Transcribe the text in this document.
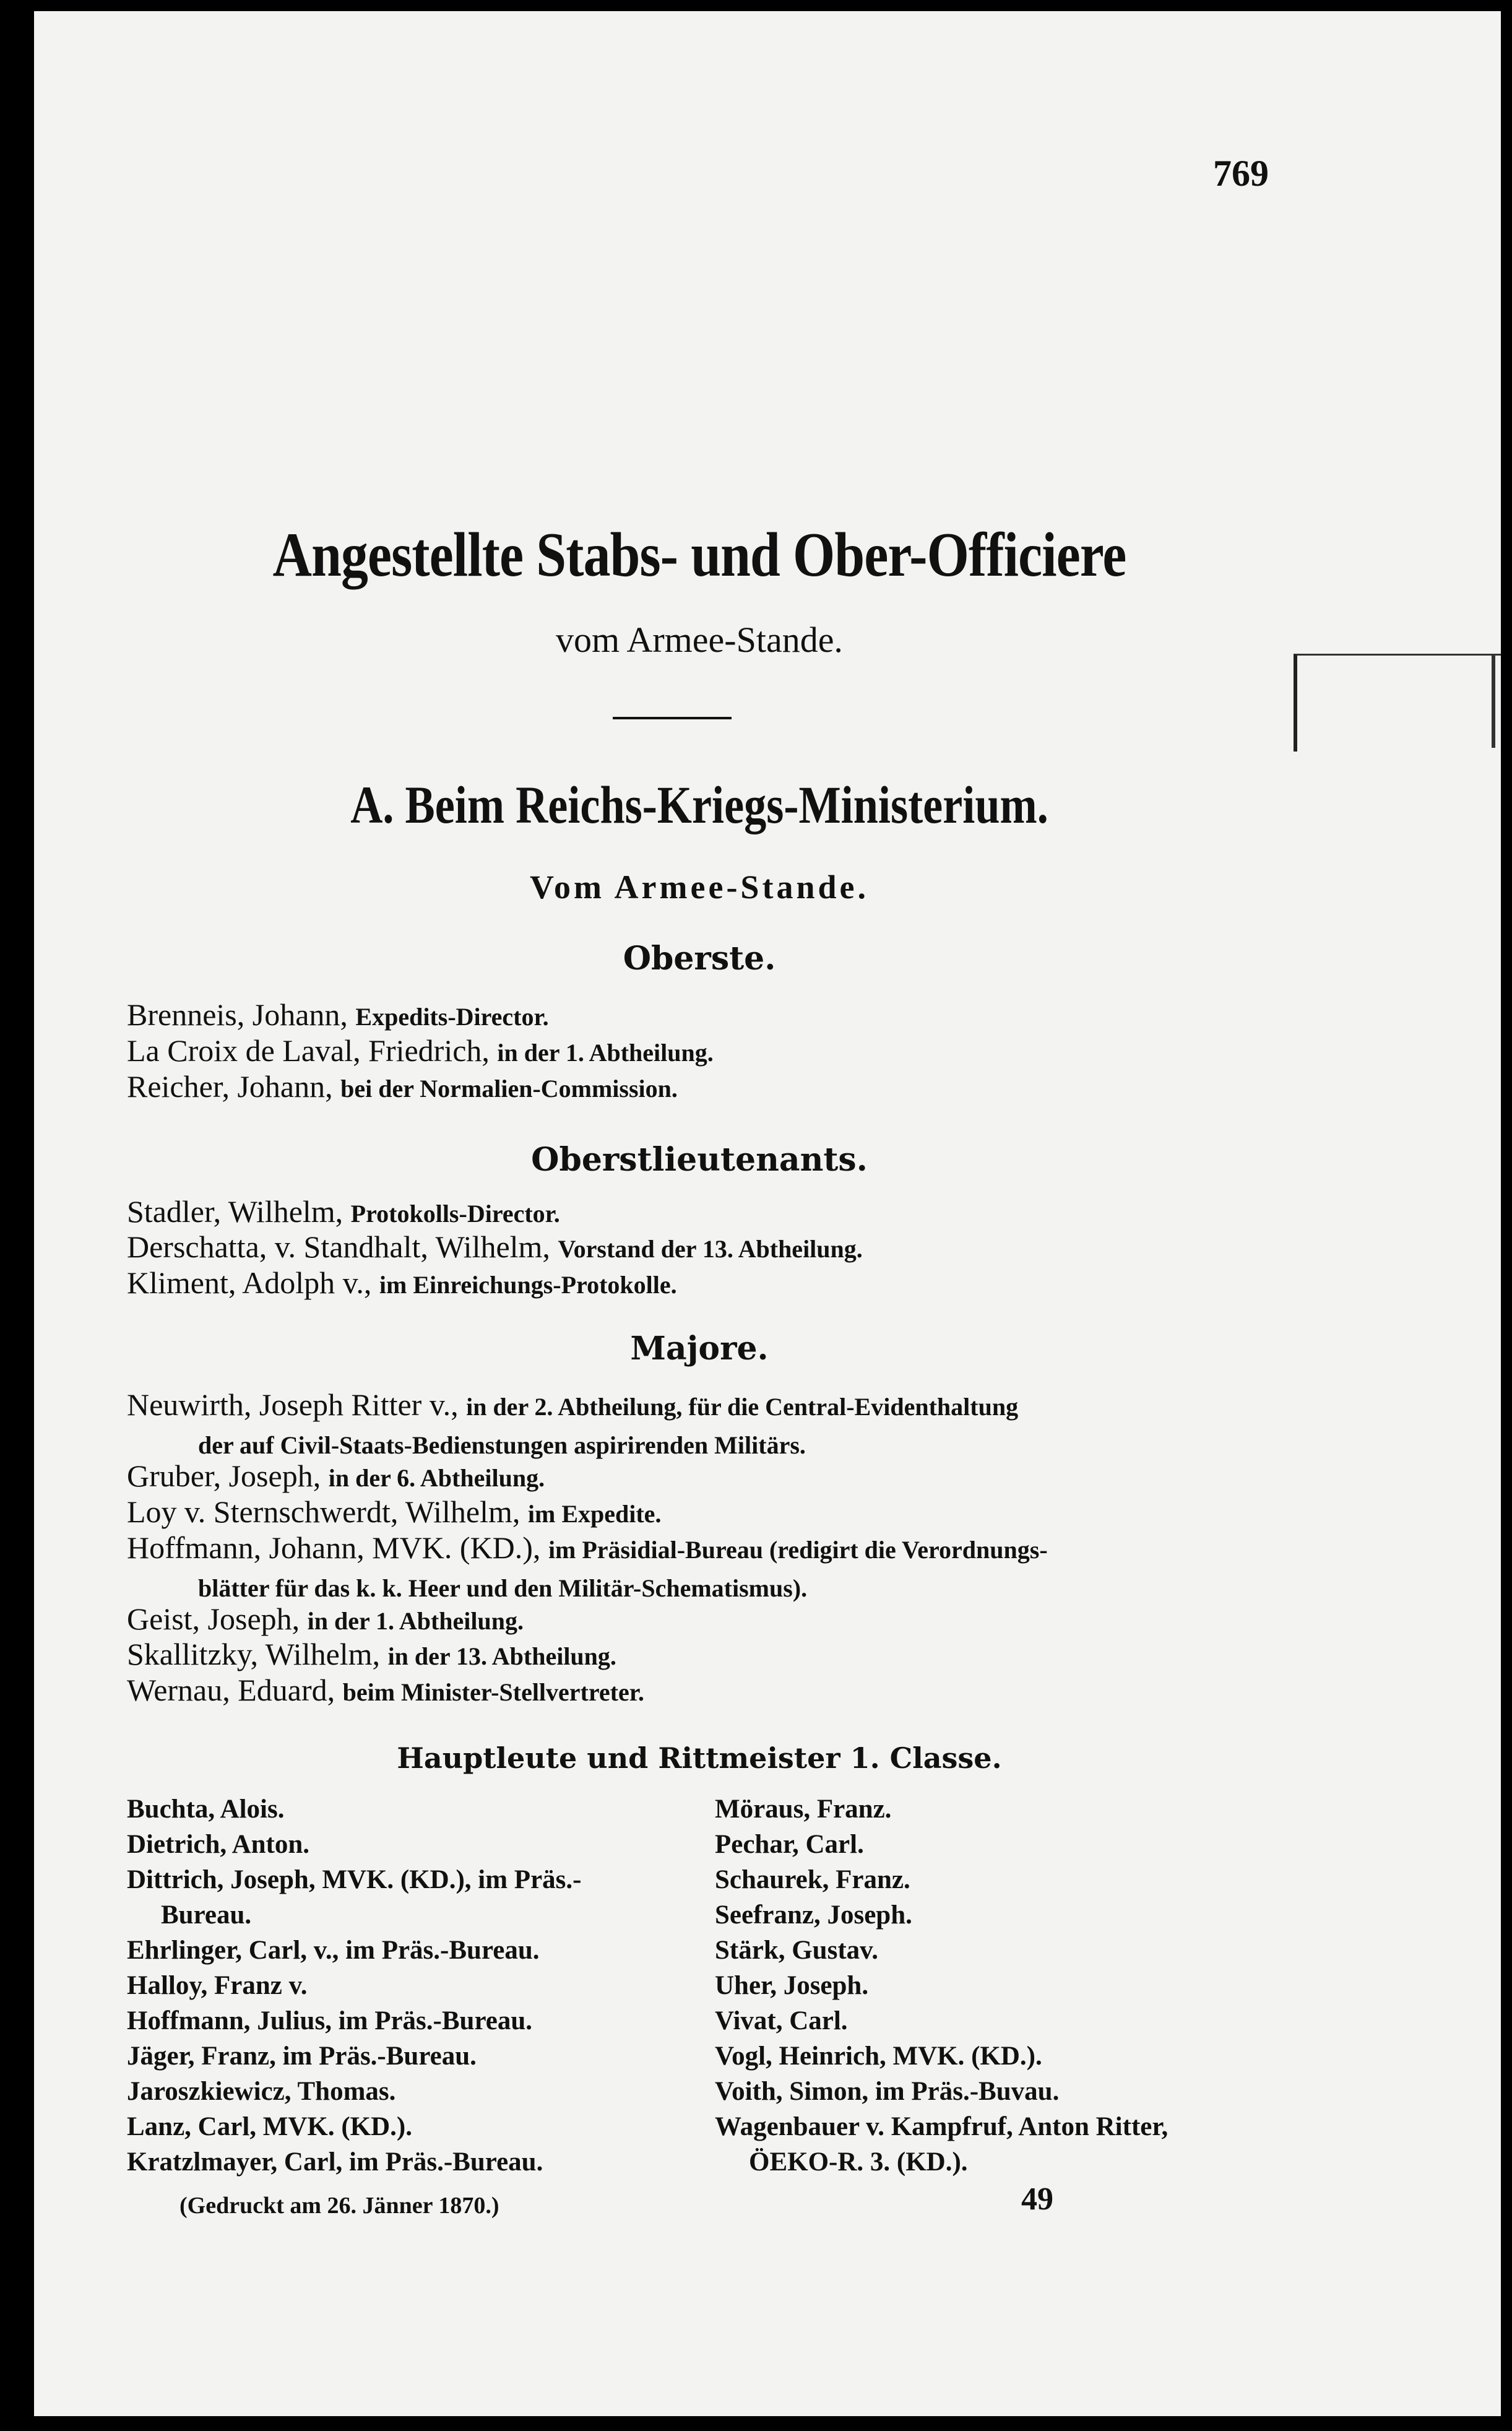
769
Angestellte Stabs- und Ober-Officiere
vom Armee-Stande.
A. Beim Reichs-Kriegs-Ministerium.
Vom Armee-Stande.
Oberste.
Brenneis, Johann, Expedits-Director.
La Croix de Laval, Friedrich, in der 1. Abtheilung.
Reicher, Johann, bei der Normalien-Commission.
Oberstlieutenants.
Stadler, Wilhelm, Protokolls-Director.
Derschatta, v. Standhalt, Wilhelm, Vorstand der 13. Abtheilung.
Kliment, Adolph v., im Einreichungs-Protokolle.
Majore.
Neuwirth, Joseph Ritter v., in der 2. Abtheilung, für die Central-Evidenthaltung
der auf Civil-Staats-Bedienstungen aspirirenden Militärs.
Gruber, Joseph, in der 6. Abtheilung.
Loy v. Sternschwerdt, Wilhelm, im Expedite.
Hoffmann, Johann, MVK. (KD.), im Präsidial-Bureau (redigirt die Verordnungs-
blätter für das k. k. Heer und den Militär-Schematismus).
Geist, Joseph, in der 1. Abtheilung.
Skallitzky, Wilhelm, in der 13. Abtheilung.
Wernau, Eduard, beim Minister-Stellvertreter.
Hauptleute und Rittmeister 1. Classe.
Buchta, Alois.
Dietrich, Anton.
Dittrich, Joseph, MVK. (KD.), im Präs.-
Bureau.
Ehrlinger, Carl, v., im Präs.-Bureau.
Halloy, Franz v.
Hoffmann, Julius, im Präs.-Bureau.
Jäger, Franz, im Präs.-Bureau.
Jaroszkiewicz, Thomas.
Lanz, Carl, MVK. (KD.).
Kratzlmayer, Carl, im Präs.-Bureau.
Möraus, Franz.
Pechar, Carl.
Schaurek, Franz.
Seefranz, Joseph.
Stärk, Gustav.
Uher, Joseph.
Vivat, Carl.
Vogl, Heinrich, MVK. (KD.).
Voith, Simon, im Präs.-Buvau.
Wagenbauer v. Kampfruf, Anton Ritter,
ÖEKO-R. 3. (KD.).
(Gedruckt am 26. Jänner 1870.)	49
